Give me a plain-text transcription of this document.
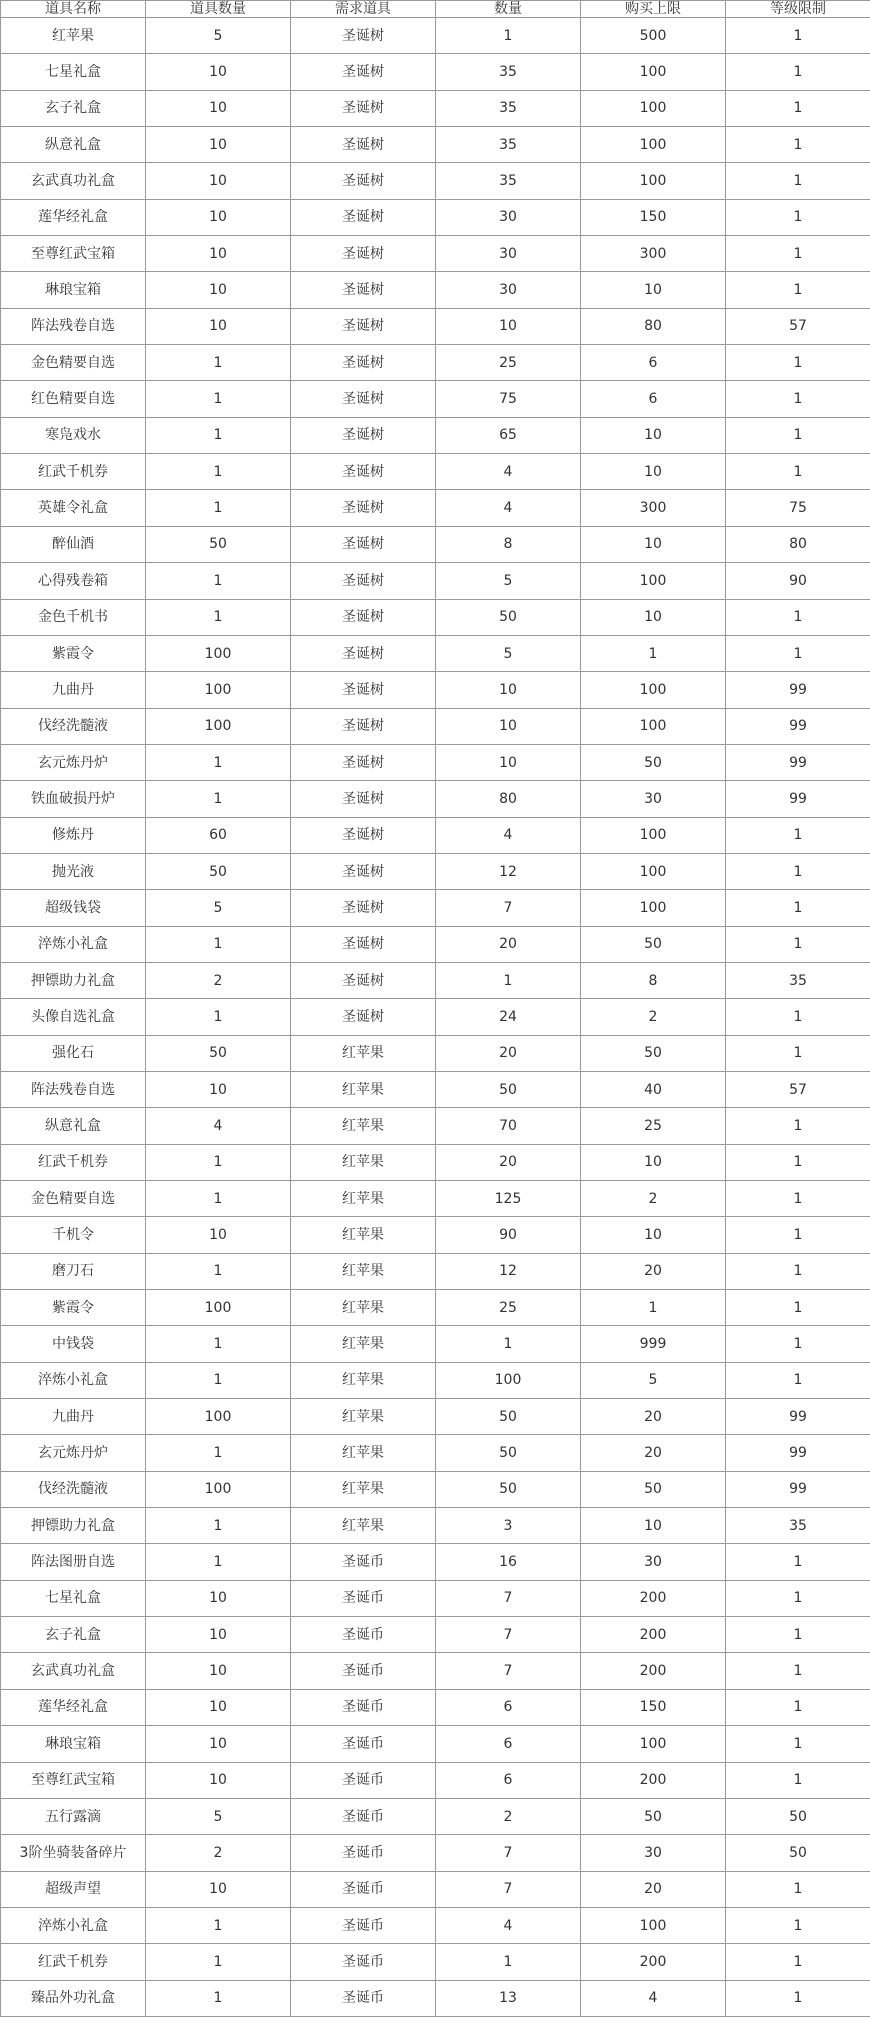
道具名称	道具数量	需求道具	数量	购买上限	等级限制
红苹果	5	圣诞树	1	500	1
七星礼盒	10	圣诞树	35	100	1
玄子礼盒	10	圣诞树	35	100	1
纵意礼盒	10	圣诞树	35	100	1
玄武真功礼盒	10	圣诞树	35	100	1
莲华经礼盒	10	圣诞树	30	150	1
至尊红武宝箱	10	圣诞树	30	300	1
琳琅宝箱	10	圣诞树	30	10	1
阵法残卷自选	10	圣诞树	10	80	57
金色精要自选	1	圣诞树	25	6	1
红色精要自选	1	圣诞树	75	6	1
寒凫戏水	1	圣诞树	65	10	1
红武千机券	1	圣诞树	4	10	1
英雄令礼盒	1	圣诞树	4	300	75
醉仙酒	50	圣诞树	8	10	80
心得残卷箱	1	圣诞树	5	100	90
金色千机书	1	圣诞树	50	10	1
紫霞令	100	圣诞树	5	1	1
九曲丹	100	圣诞树	10	100	99
伐经洗髓液	100	圣诞树	10	100	99
玄元炼丹炉	1	圣诞树	10	50	99
铁血破损丹炉	1	圣诞树	80	30	99
修炼丹	60	圣诞树	4	100	1
抛光液	50	圣诞树	12	100	1
超级钱袋	5	圣诞树	7	100	1
淬炼小礼盒	1	圣诞树	20	50	1
押镖助力礼盒	2	圣诞树	1	8	35
头像自选礼盒	1	圣诞树	24	2	1
强化石	50	红苹果	20	50	1
阵法残卷自选	10	红苹果	50	40	57
纵意礼盒	4	红苹果	70	25	1
红武千机券	1	红苹果	20	10	1
金色精要自选	1	红苹果	125	2	1
千机令	10	红苹果	90	10	1
磨刀石	1	红苹果	12	20	1
紫霞令	100	红苹果	25	1	1
中钱袋	1	红苹果	1	999	1
淬炼小礼盒	1	红苹果	100	5	1
九曲丹	100	红苹果	50	20	99
玄元炼丹炉	1	红苹果	50	20	99
伐经洗髓液	100	红苹果	50	50	99
押镖助力礼盒	1	红苹果	3	10	35
阵法图册自选	1	圣诞币	16	30	1
七星礼盒	10	圣诞币	7	200	1
玄子礼盒	10	圣诞币	7	200	1
玄武真功礼盒	10	圣诞币	7	200	1
莲华经礼盒	10	圣诞币	6	150	1
琳琅宝箱	10	圣诞币	6	100	1
至尊红武宝箱	10	圣诞币	6	200	1
五行露滴	5	圣诞币	2	50	50
3阶坐骑装备碎片	2	圣诞币	7	30	50
超级声望	10	圣诞币	7	20	1
淬炼小礼盒	1	圣诞币	4	100	1
红武千机券	1	圣诞币	1	200	1
臻品外功礼盒	1	圣诞币	13	4	1
